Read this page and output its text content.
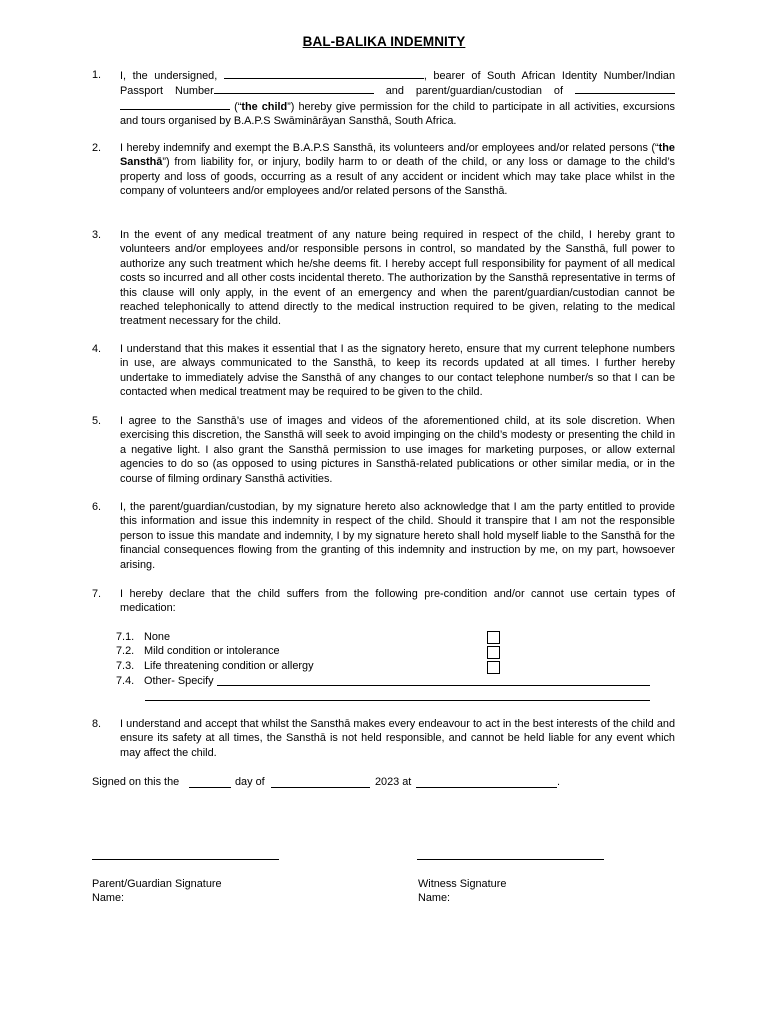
BAL-BALIKA INDEMNITY
1. I, the undersigned,	, bearer of South African Identity Number/Indian Passport Number	and parent/guardian/custodian of   (“the child”) hereby give permission for the child to participate in all activities, excursions and tours organised by B.A.P.S Swāminārāyan Sansthā, South Africa.
2. I hereby indemnify and exempt the B.A.P.S Sansthā, its volunteers and/or employees and/or related persons (“the Sansthā”) from liability for, or injury, bodily harm to or death of the child, or any loss or damage to the child’s property and loss of goods, occurring as a result of any accident or incident which may take place whilst in the company of volunteers and/or employees and/or related persons of the Sansthā.
3. In the event of any medical treatment of any nature being required in respect of the child, I hereby grant to volunteers and/or employees and/or responsible persons in control, so mandated by the Sansthā, full power to authorize any such treatment which he/she deems fit. I hereby accept full responsibility for payment of all medical costs so incurred and all other costs incidental thereto. The authorization by the Sansthā representative in terms of this clause will only apply, in the event of an emergency and when the parent/guardian/custodian cannot be reached telephonically to attend directly to the medical instruction required to be given, relating to the medical treatment necessary for the child.
4. I understand that this makes it essential that I as the signatory hereto, ensure that my current telephone numbers in use, are always communicated to the Sansthā, to keep its records updated at all times. I further hereby undertake to immediately advise the Sansthā of any changes to our contact telephone number/s so that I can be contacted when medical treatment may be required to be given to the child.
5. I agree to the Sansthā’s use of images and videos of the aforementioned child, at its sole discretion. When exercising this discretion, the Sansthā will seek to avoid impinging on the child’s modesty or presenting the child in a negative light. I also grant the Sansthā permission to use images for marketing purposes, or allow external agencies to do so (as opposed to using pictures in Sansthā-related publications or other similar media, or in the course of filming ordinary Sansthā activities.
6. I, the parent/guardian/custodian, by my signature hereto also acknowledge that I am the party entitled to provide this information and issue this indemnity in respect of the child. Should it transpire that I am not the responsible person to issue this mandate and indemnity, I by my signature hereto shall hold myself liable to the Sansthā for the financial consequences flowing from the granting of this indemnity and instruction by me, on my part, howsoever arising.
7. I hereby declare that the child suffers from the following pre-condition and/or cannot use certain types of medication:
7.1. None
7.2. Mild condition or intolerance
7.3. Life threatening condition or allergy
7.4. Other- Specify
8. I understand and accept that whilst the Sansthā makes every endeavour to act in the best interests of the child and ensure its safety at all times, the Sansthā is not held responsible, and cannot be held liable for any event which may affect the child.
Signed on this the	day of	2023 at	.
Parent/Guardian Signature
Name:
Witness Signature
Name:
